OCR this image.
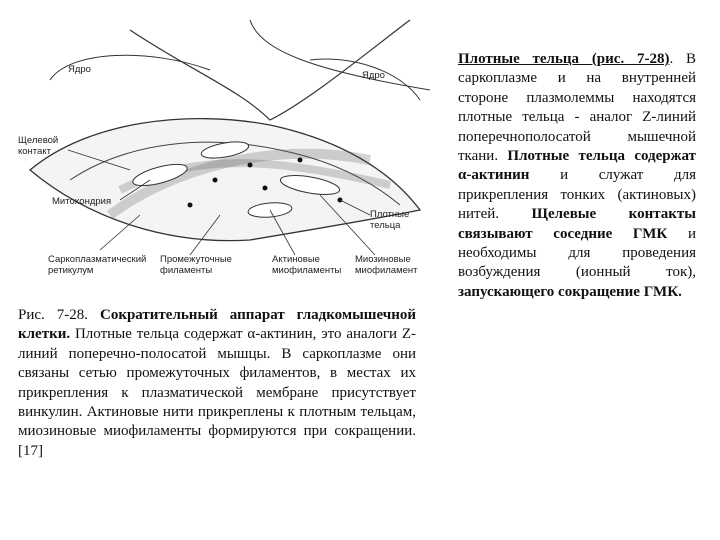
Ядро
Ядро
Щелевой
контакт
Митохондрия
Саркоплазматический
ретикулум
Промежуточные
филаменты
Актиновые
миофиламенты
Миозиновые
миофиламент
Плотные
тельца
Рис. 7-28. Сократительный аппарат гладкомышечной клетки. Плотные тельца содержат α-актинин, это аналоги Z-линий поперечно-полосатой мышцы. В саркоплазме они связаны сетью промежуточных филаментов, в местах их прикрепления к плазматической мембране присутствует винкулин. Актиновые нити прикреплены к плотным тельцам, миозиновые миофиламенты формируются при сокращении. [17]

Плотные тельца (рис. 7-28). В саркоплазме и на внутренней стороне плазмолеммы находятся плотные тельца - аналог Z-линий поперечнополосатой мышечной ткани. Плотные тельца содержат α-актинин и служат для прикрепления тонких (актиновых) нитей. Щелевые контакты связывают соседние ГМК и необходимы для проведения возбуждения (ионный ток), запускающего сокращение ГМК.
